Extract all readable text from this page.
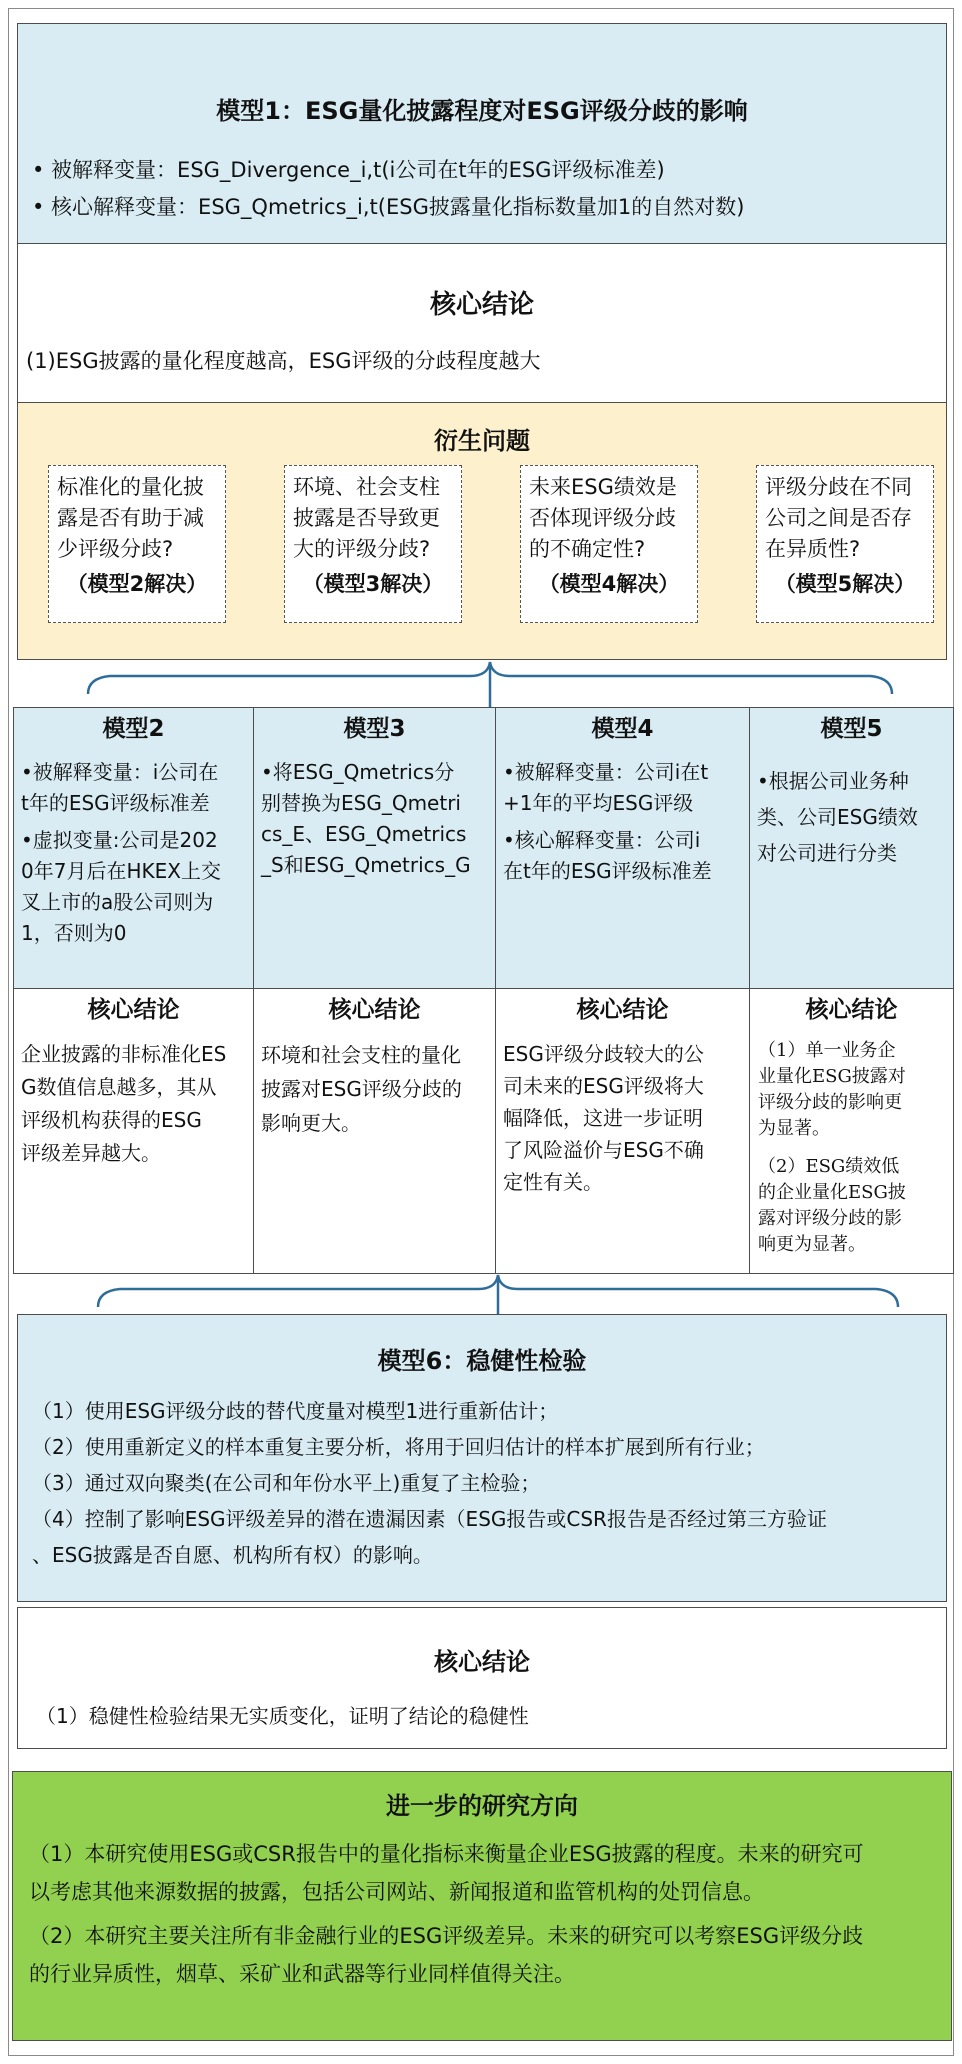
模型1：ESG量化披露程度对ESG评级分歧的影响
• 被解释变量：ESG_Divergence_i,t(i公司在t年的ESG评级标准差)
• 核心解释变量：ESG_Qmetrics_i,t(ESG披露量化指标数量加1的自然对数)
核心结论
(1)ESG披露的量化程度越高，ESG评级的分歧程度越大
衍生问题
标准化的量化披
露是否有助于减
少评级分歧?
（模型2解决）
环境、社会支柱
披露是否导致更
大的评级分歧?
（模型3解决）
未来ESG绩效是
否体现评级分歧
的不确定性?
（模型4解决）
评级分歧在不同
公司之间是否存
在异质性?
（模型5解决）
模型2
•被解释变量：i公司在
t年的ESG评级标准差
•虚拟变量:公司是202
0年7月后在HKEX上交
叉上市的a股公司则为
1，否则为0
模型3
•将ESG_Qmetrics分
别替换为ESG_Qmetri
cs_E、ESG_Qmetrics
_S和ESG_Qmetrics_G
模型4
•被解释变量：公司i在t
+1年的平均ESG评级
•核心解释变量：公司i
在t年的ESG评级标准差
模型5
•根据公司业务种
类、公司ESG绩效
对公司进行分类
核心结论
企业披露的非标准化ES
G数值信息越多，其从
评级机构获得的ESG
评级差异越大。
核心结论
环境和社会支柱的量化
披露对ESG评级分歧的
影响更大。
核心结论
ESG评级分歧较大的公
司未来的ESG评级将大
幅降低，这进一步证明
了风险溢价与ESG不确
定性有关。
核心结论
（1）单一业务企
业量化ESG披露对
评级分歧的影响更
为显著。
（2）ESG绩效低
的企业量化ESG披
露对评级分歧的影
响更为显著。
模型6：稳健性检验
（1）使用ESG评级分歧的替代度量对模型1进行重新估计；
（2）使用重新定义的样本重复主要分析，将用于回归估计的样本扩展到所有行业；
（3）通过双向聚类(在公司和年份水平上)重复了主检验；
（4）控制了影响ESG评级差异的潜在遗漏因素（ESG报告或CSR报告是否经过第三方验证
、ESG披露是否自愿、机构所有权）的影响。
核心结论
（1）稳健性检验结果无实质变化，证明了结论的稳健性
进一步的研究方向
（1）本研究使用ESG或CSR报告中的量化指标来衡量企业ESG披露的程度。未来的研究可
以考虑其他来源数据的披露，包括公司网站、新闻报道和监管机构的处罚信息。
（2）本研究主要关注所有非金融行业的ESG评级差异。未来的研究可以考察ESG评级分歧
的行业异质性，烟草、采矿业和武器等行业同样值得关注。
